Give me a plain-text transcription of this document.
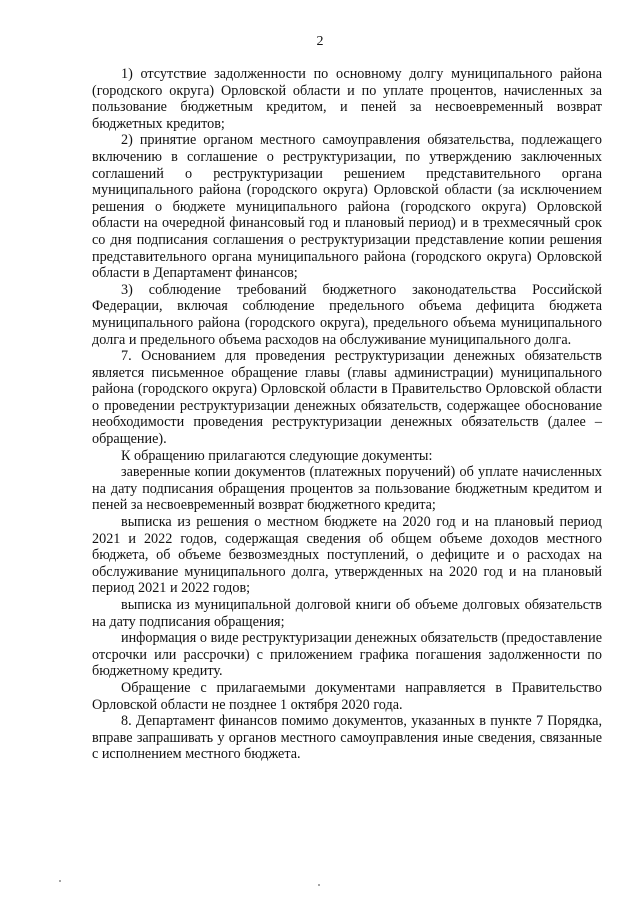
2

1) отсутствие задолженности по основному долгу муниципального района (городского округа) Орловской области и по уплате процентов, начисленных за пользование бюджетным кредитом, и пеней за несвоевременный возврат бюджетных кредитов;

2) принятие органом местного самоуправления обязательства, подлежащего включению в соглашение о реструктуризации, по утверждению заключенных соглашений о реструктуризации решением представительного органа муниципального района (городского округа) Орловской области (за исключением решения о бюджете муниципального района (городского округа) Орловской области на очередной финансовый год и плановый период) и в трехмесячный срок со дня подписания соглашения о реструктуризации представление копии решения представительного органа муниципального района (городского округа) Орловской области в Департамент финансов;

3) соблюдение требований бюджетного законодательства Российской Федерации, включая соблюдение предельного объема дефицита бюджета муниципального района (городского округа), предельного объема муниципального долга и предельного объема расходов на обслуживание муниципального долга.

7. Основанием для проведения реструктуризации денежных обязательств является письменное обращение главы (главы администрации) муниципального района (городского округа) Орловской области в Правительство Орловской области о проведении реструктуризации денежных обязательств, содержащее обоснование необходимости проведения реструктуризации денежных обязательств (далее – обращение).

К обращению прилагаются следующие документы:

заверенные копии документов (платежных поручений) об уплате начисленных на дату подписания обращения процентов за пользование бюджетным кредитом и пеней за несвоевременный возврат бюджетного кредита;

выписка из решения о местном бюджете на 2020 год и на плановый период 2021 и 2022 годов, содержащая сведения об общем объеме доходов местного бюджета, об объеме безвозмездных поступлений, о дефиците и о расходах на обслуживание муниципального долга, утвержденных на 2020 год и на плановый период 2021 и 2022 годов;

выписка из муниципальной долговой книги об объеме долговых обязательств на дату подписания обращения;

информация о виде реструктуризации денежных обязательств (предоставление отсрочки или рассрочки) с приложением графика погашения задолженности по бюджетному кредиту.

Обращение с прилагаемыми документами направляется в Правительство Орловской области не позднее 1 октября 2020 года.

8. Департамент финансов помимо документов, указанных в пункте 7 Порядка, вправе запрашивать у органов местного самоуправления иные сведения, связанные с исполнением местного бюджета.
